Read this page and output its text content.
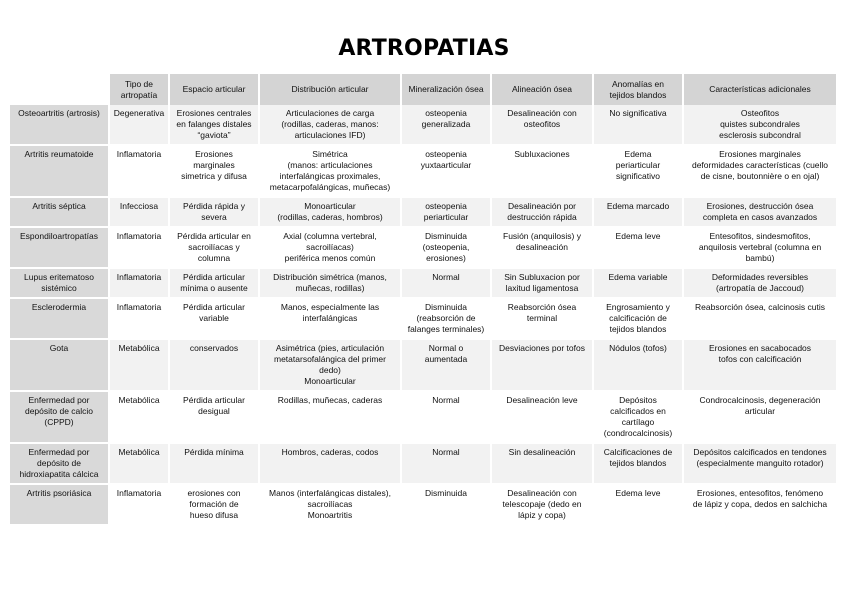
ARTROPATIAS
	Tipo de
artropatía	Espacio articular	Distribución articular	Mineralización ósea	Alineación ósea	Anomalías en
tejidos blandos	Características adicionales
Osteoartritis (artrosis)	Degenerativa	Erosiones centrales
en falanges distales
“gaviota”	Articulaciones de carga
(rodillas, caderas, manos:
articulaciones IFD)	osteopenia
generalizada	Desalineación con
osteofitos	No significativa	Osteofitos
quistes subcondrales
esclerosis subcondral
Artritis reumatoide	Inflamatoria	Erosiones
marginales
simetrica y difusa	Simétrica
(manos: articulaciones
interfalángicas proximales,
metacarpofalángicas, muñecas)	osteopenia
yuxtaarticular	Subluxaciones	Edema
periarticular
significativo	Erosiones marginales
deformidades características (cuello
de cisne, boutonnière o en ojal)
Artritis séptica	Infecciosa	Pérdida rápida y
severa	Monoarticular
(rodillas, caderas, hombros)	osteopenia
periarticular	Desalineación por
destrucción rápida	Edema marcado	Erosiones, destrucción ósea
completa en casos avanzados
Espondiloartropatías	Inflamatoria	Pérdida articular en
sacroilíacas y
columna	Axial (columna vertebral,
sacroilíacas)
periférica menos común	Disminuida
(osteopenia,
erosiones)	Fusión (anquilosis) y
desalineación	Edema leve	Entesofitos, sindesmofitos,
anquilosis vertebral (columna en
bambú)
Lupus eritematoso
sistémico	Inflamatoria	Pérdida articular
mínima o ausente	Distribución simétrica (manos,
muñecas, rodillas)	Normal	Sin Subluxacion por
laxitud ligamentosa	Edema variable	Deformidades reversibles
(artropatía de Jaccoud)
Esclerodermia	Inflamatoria	Pérdida articular
variable	Manos, especialmente las
interfalángicas	Disminuida
(reabsorción de
falanges terminales)	Reabsorción ósea
terminal	Engrosamiento y
calcificación de
tejidos blandos	Reabsorción ósea, calcinosis cutis
Gota	Metabólica	conservados	Asimétrica (pies, articulación
metatarsofalángica del primer
dedo)
Monoarticular	Normal o
aumentada	Desviaciones por tofos	Nódulos (tofos)	Erosiones en sacabocados
tofos con calcificación
Enfermedad por
depósito de calcio
(CPPD)	Metabólica	Pérdida articular
desigual	Rodillas, muñecas, caderas	Normal	Desalineación leve	Depósitos
calcificados en
cartílago
(condrocalcinosis)	Condrocalcinosis, degeneración
articular
Enfermedad por
depósito de
hidroxiapatita cálcica	Metabólica	Pérdida mínima	Hombros, caderas, codos	Normal	Sin desalineación	Calcificaciones de
tejidos blandos	Depósitos calcificados en tendones
(especialmente manguito rotador)
Artritis psoriásica	Inflamatoria	erosiones con
formación de
hueso difusa	Manos (interfalángicas distales),
sacroilíacas
Monoartritis	Disminuida	Desalineación con
telescopaje (dedo en
lápiz y copa)	Edema leve	Erosiones, entesofitos, fenómeno
de lápiz y copa, dedos en salchicha
